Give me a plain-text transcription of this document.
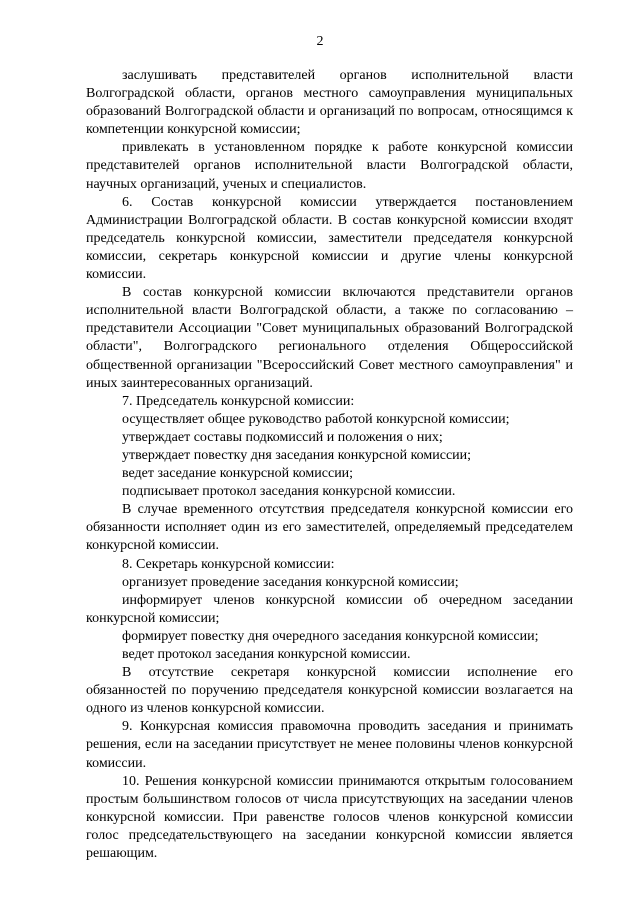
2

заслушивать представителей органов исполнительной власти Волгоградской области, органов местного самоуправления муниципальных образований Волгоградской области и организаций по вопросам, относящимся к компетенции конкурсной комиссии;

привлекать в установленном порядке к работе конкурсной комиссии представителей органов исполнительной власти Волгоградской области, научных организаций, ученых и специалистов.

6. Состав конкурсной комиссии утверждается постановлением Администрации Волгоградской области. В состав конкурсной комиссии входят председатель конкурсной комиссии, заместители председателя конкурсной комиссии, секретарь конкурсной комиссии и другие члены конкурсной комиссии.

В состав конкурсной комиссии включаются представители органов исполнительной власти Волгоградской области, а также по согласованию – представители Ассоциации "Совет муниципальных образований Волгоградской области", Волгоградского регионального отделения Общероссийской общественной организации "Всероссийский Совет местного самоуправления" и иных заинтересованных организаций.

7. Председатель конкурсной комиссии:

осуществляет общее руководство работой конкурсной комиссии;

утверждает составы подкомиссий и положения о них;

утверждает повестку дня заседания конкурсной комиссии;

ведет заседание конкурсной комиссии;

подписывает протокол заседания конкурсной комиссии.

В случае временного отсутствия председателя конкурсной комиссии его обязанности исполняет один из его заместителей, определяемый председателем конкурсной комиссии.

8. Секретарь конкурсной комиссии:

организует проведение заседания конкурсной комиссии;

информирует членов конкурсной комиссии об очередном заседании конкурсной комиссии;

формирует повестку дня очередного заседания конкурсной комиссии;

ведет протокол заседания конкурсной комиссии.

В отсутствие секретаря конкурсной комиссии исполнение его обязанностей по поручению председателя конкурсной комиссии возлагается на одного из членов конкурсной комиссии.

9. Конкурсная комиссия правомочна проводить заседания и принимать решения, если на заседании присутствует не менее половины членов конкурсной комиссии.

10. Решения конкурсной комиссии принимаются открытым голосованием простым большинством голосов от числа присутствующих на заседании членов конкурсной комиссии. При равенстве голосов членов конкурсной комиссии голос председательствующего на заседании конкурсной комиссии является решающим.
